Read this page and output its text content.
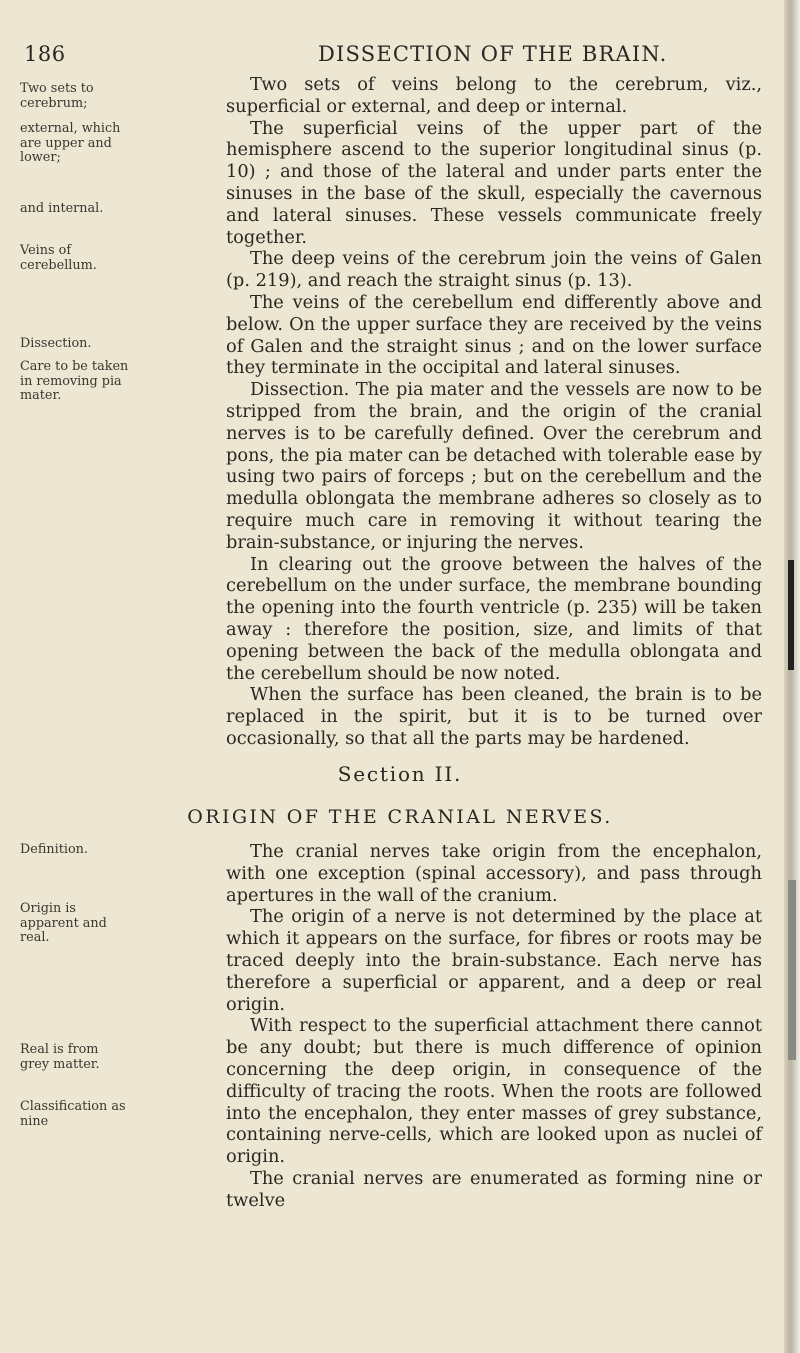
186	DISSECTION OF THE BRAIN.
Two sets to cerebrum;
external, which are upper and lower;
and internal.
Veins of cerebellum.
Dissection.
Care to be taken in removing pia mater.
Definition.
Origin is apparent and real.
Real is from grey matter.
Classification as nine

Two sets of veins belong to the cerebrum, viz., superficial or external, and deep or internal.

The superficial veins of the upper part of the hemisphere ascend to the superior longitudinal sinus (p. 10) ; and those of the lateral and under parts enter the sinuses in the base of the skull, especially the cavernous and lateral sinuses. These vessels communicate freely together.

The deep veins of the cerebrum join the veins of Galen (p. 219), and reach the straight sinus (p. 13).

The veins of the cerebellum end differently above and below. On the upper surface they are received by the veins of Galen and the straight sinus ; and on the lower surface they terminate in the occipital and lateral sinuses.

Dissection. The pia mater and the vessels are now to be stripped from the brain, and the origin of the cranial nerves is to be carefully defined. Over the cerebrum and pons, the pia mater can be detached with tolerable ease by using two pairs of forceps ; but on the cerebellum and the medulla oblongata the membrane adheres so closely as to require much care in removing it without tearing the brain-substance, or injuring the nerves.

In clearing out the groove between the halves of the cerebellum on the under surface, the membrane bounding the opening into the fourth ventricle (p. 235) will be taken away : therefore the position, size, and limits of that opening between the back of the medulla oblongata and the cerebellum should be now noted.

When the surface has been cleaned, the brain is to be replaced in the spirit, but it is to be turned over occasionally, so that all the parts may be hardened.

Section II.
ORIGIN OF THE CRANIAL NERVES.

The cranial nerves take origin from the encephalon, with one exception (spinal accessory), and pass through apertures in the wall of the cranium.

The origin of a nerve is not determined by the place at which it appears on the surface, for fibres or roots may be traced deeply into the brain-substance. Each nerve has therefore a superficial or apparent, and a deep or real origin.

With respect to the superficial attachment there cannot be any doubt; but there is much difference of opinion concerning the deep origin, in consequence of the difficulty of tracing the roots. When the roots are followed into the encephalon, they enter masses of grey substance, containing nerve-cells, which are looked upon as nuclei of origin.

The cranial nerves are enumerated as forming nine or twelve
